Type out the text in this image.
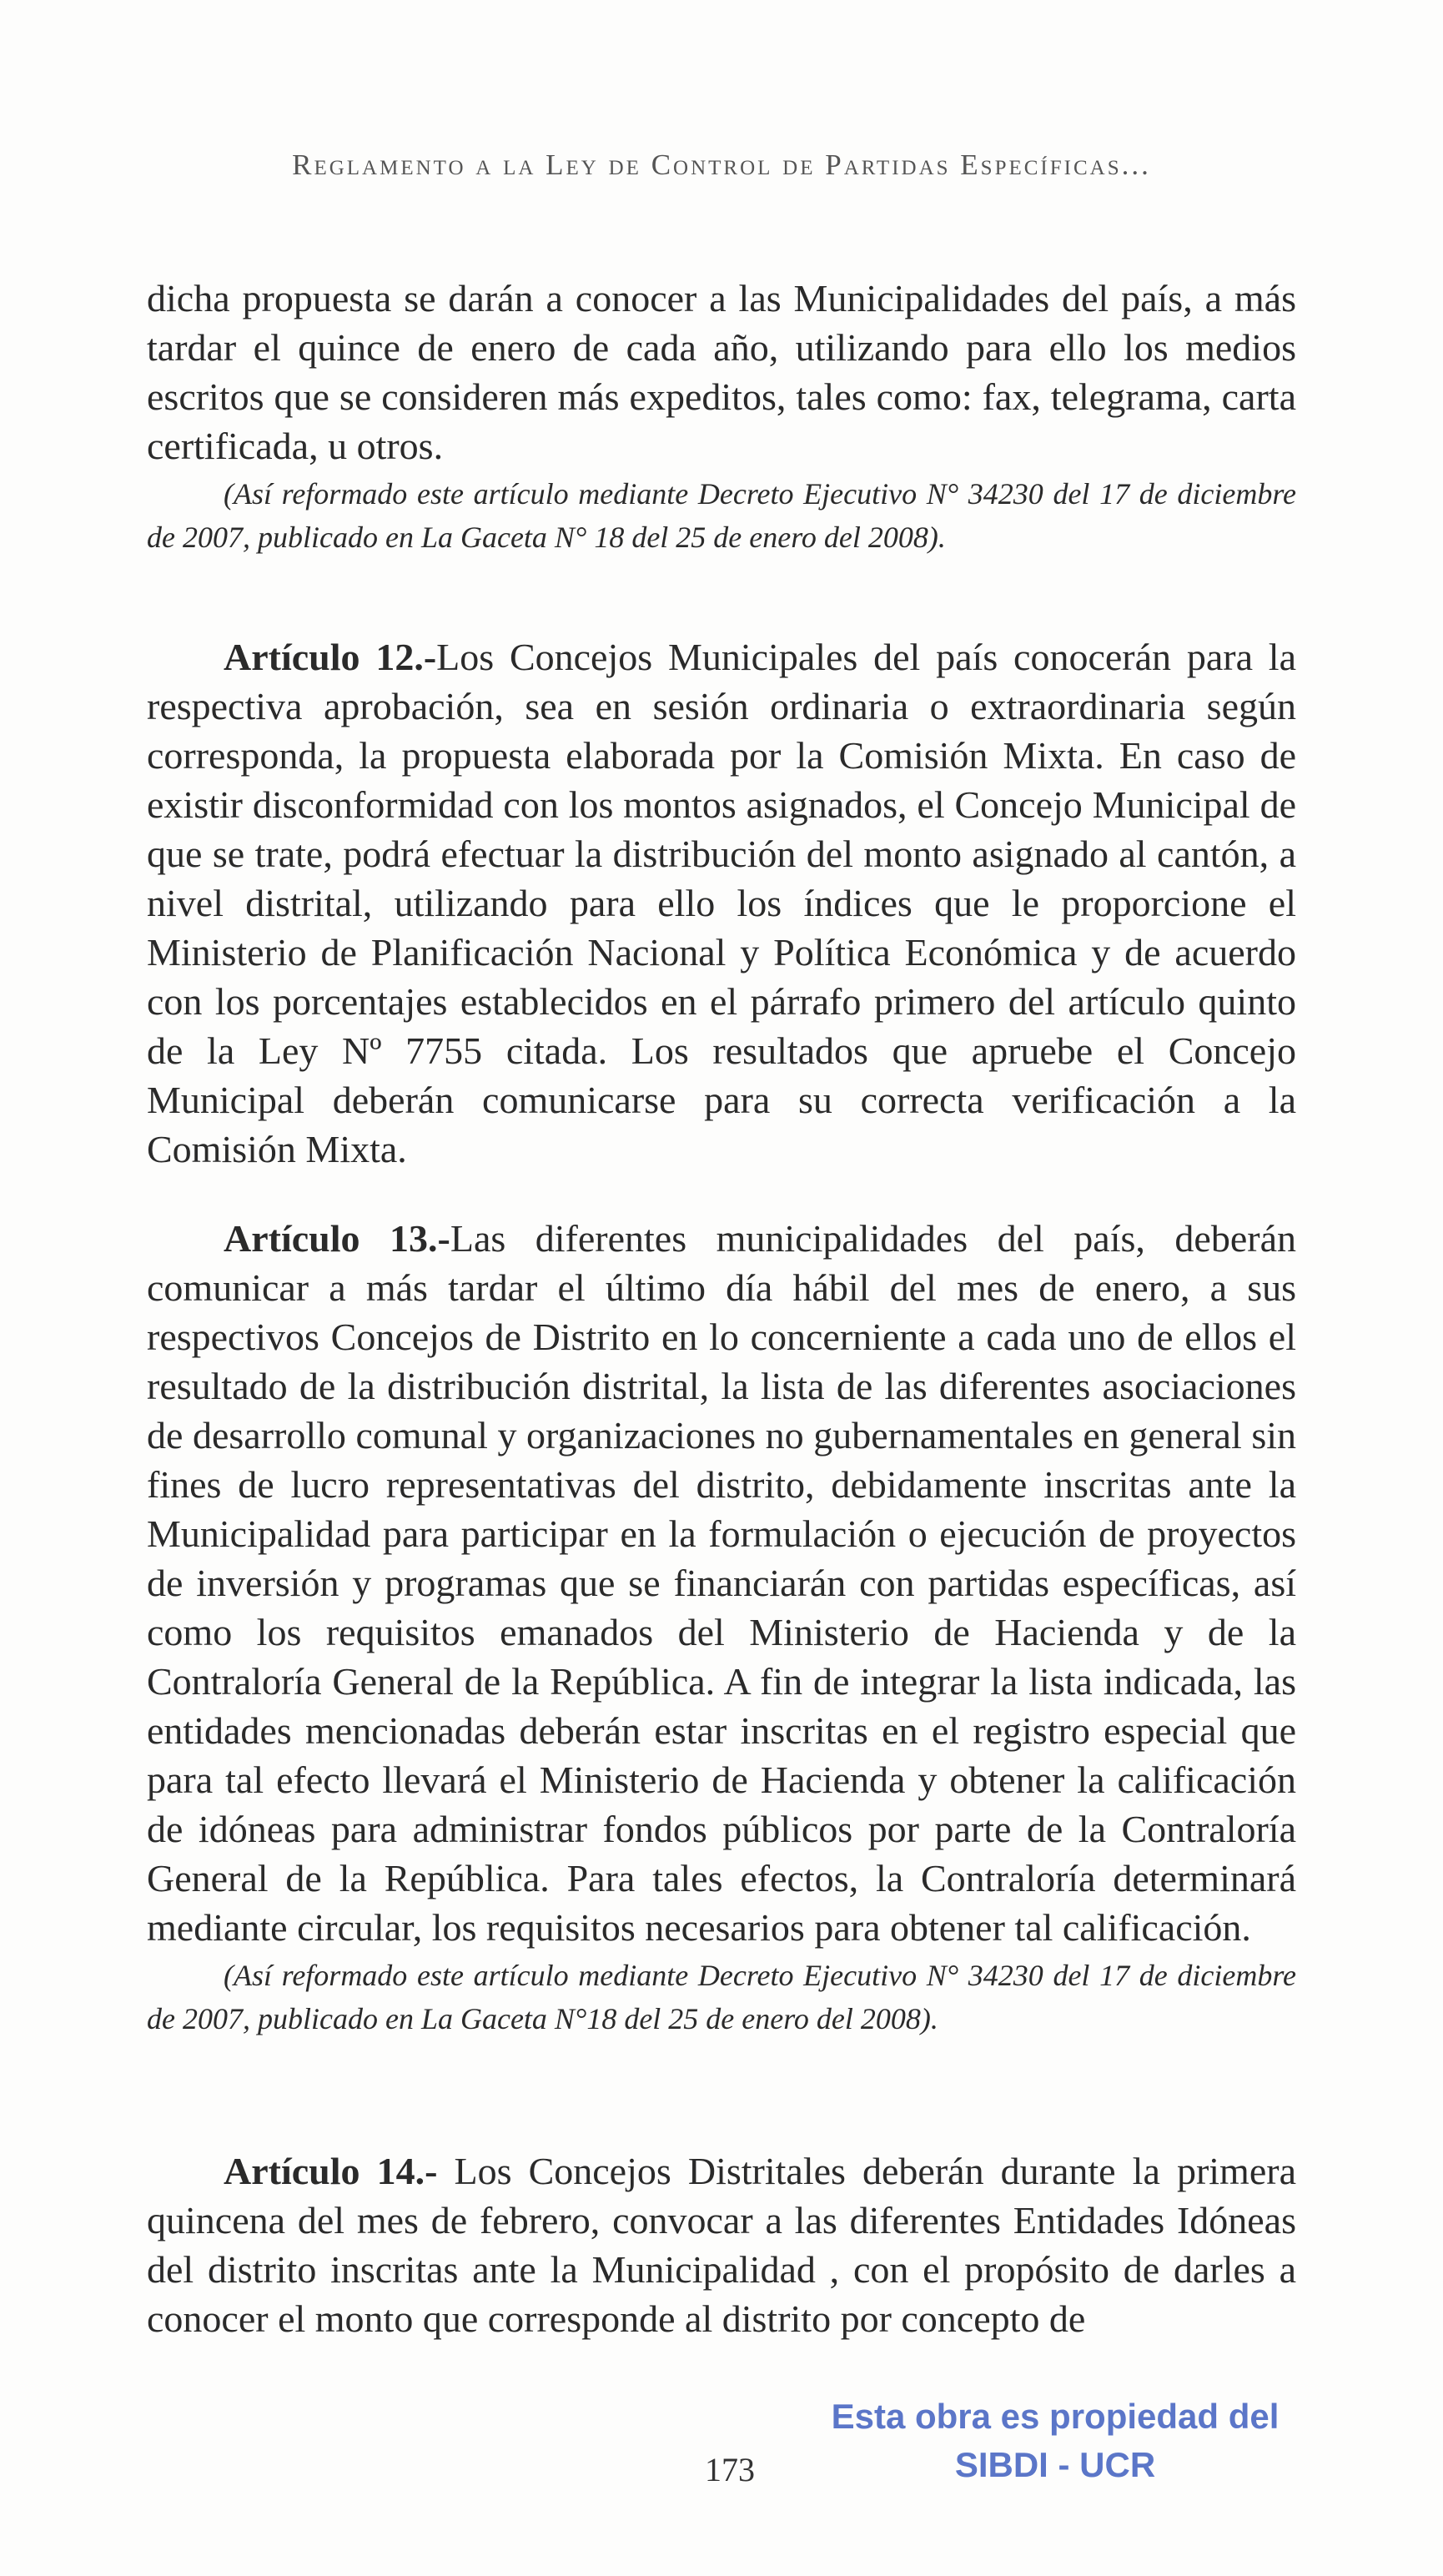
Reglamento a la Ley de Control de Partidas Específicas...

dicha propuesta se darán a conocer a las Municipalidades del país, a más tardar el quince de enero de cada año, utilizando para ello los medios escritos que se consideren más expeditos, tales como: fax, telegrama, carta certificada, u otros.

(Así reformado este artículo mediante Decreto Ejecutivo N° 34230 del 17 de diciembre de 2007, publicado en La Gaceta N° 18 del 25 de enero del 2008).

Artículo 12.-Los Concejos Municipales del país conocerán para la respectiva aprobación, sea en sesión ordinaria o extraordinaria según corresponda, la propuesta elaborada por la Comisión Mixta. En caso de existir disconformidad con los montos asignados, el Concejo Municipal de que se trate, podrá efectuar la distribución del monto asignado al cantón, a nivel distrital, utilizando para ello los índices que le proporcione el Ministerio de Planificación Nacional y Política Económica y de acuerdo con los porcentajes establecidos en el párrafo primero del artículo quinto de la Ley Nº 7755 citada. Los resultados que apruebe el Concejo Municipal deberán comunicarse para su correcta verificación a la Comisión Mixta.

Artículo 13.-Las diferentes municipalidades del país, deberán comunicar a más tardar el último día hábil del mes de enero, a sus respectivos Concejos de Distrito en lo concerniente a cada uno de ellos el resultado de la distribución distrital, la lista de las diferentes asociaciones de desarrollo comunal y organizaciones no gubernamentales en general sin fines de lucro representativas del distrito, debidamente inscritas ante la Municipalidad para participar en la formulación o ejecución de proyectos de inversión y programas que se financiarán con partidas específicas, así como los requisitos emanados del Ministerio de Hacienda y de la Contraloría General de la República. A fin de integrar la lista indicada, las entidades mencionadas deberán estar inscritas en el registro especial que para tal efecto llevará el Ministerio de Hacienda y obtener la calificación de idóneas para administrar fondos públicos por parte de la Contraloría General de la República. Para tales efectos, la Contraloría determinará mediante circular, los requisitos necesarios para obtener tal calificación.

(Así reformado este artículo mediante Decreto Ejecutivo N° 34230 del 17 de diciembre de 2007, publicado en La Gaceta N°18 del 25 de enero del 2008).

Artículo 14.- Los Concejos Distritales deberán durante la primera quincena del mes de febrero, convocar a las diferentes Entidades Idóneas del distrito inscritas ante la Municipalidad , con el propósito de darles a conocer el monto que corresponde al distrito por concepto de

173
Esta obra es propiedad del
SIBDI - UCR
